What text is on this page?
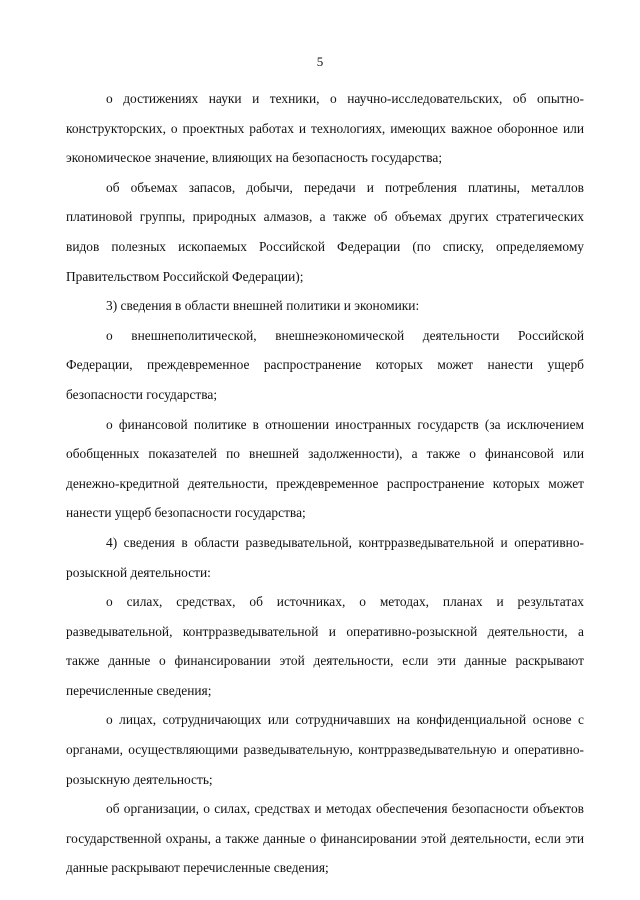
5

о достижениях науки и техники, о научно-исследовательских, об опытно-конструкторских, о проектных работах и технологиях, имеющих важное оборонное или экономическое значение, влияющих на безопасность государства;

об объемах запасов, добычи, передачи и потребления платины, металлов платиновой группы, природных алмазов, а также об объемах других стратегических видов полезных ископаемых Российской Федерации (по списку, определяемому Правительством Российской Федерации);

3) сведения в области внешней политики и экономики:

о внешнеполитической, внешнеэкономической деятельности Российской Федерации, преждевременное распространение которых может нанести ущерб безопасности государства;

о финансовой политике в отношении иностранных государств (за исключением обобщенных показателей по внешней задолженности), а также о финансовой или денежно-кредитной деятельности, преждевременное распространение которых может нанести ущерб безопасности государства;

4) сведения в области разведывательной, контрразведывательной и оперативно-розыскной деятельности:

о силах, средствах, об источниках, о методах, планах и результатах разведывательной, контрразведывательной и оперативно-розыскной деятельности, а также данные о финансировании этой деятельности, если эти данные раскрывают перечисленные сведения;

о лицах, сотрудничающих или сотрудничавших на конфиденциальной основе с органами, осуществляющими разведывательную, контрразведывательную и оперативно-розыскную деятельность;

об организации, о силах, средствах и методах обеспечения безопасности объектов государственной охраны, а также данные о финансировании этой деятельности, если эти данные раскрывают перечисленные сведения;
